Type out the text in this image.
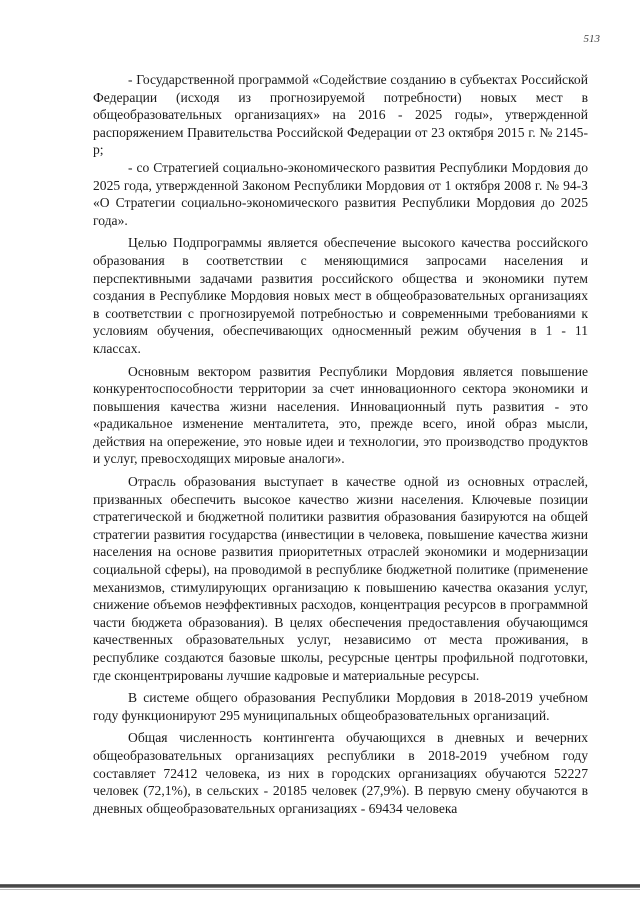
513

- Государственной программой «Содействие созданию в субъектах Российской Федерации (исходя из прогнозируемой потребности) новых мест в общеобразовательных организациях» на 2016 - 2025 годы», утвержденной распоряжением Правительства Российской Федерации от 23 октября 2015 г. № 2145-р;

- со Стратегией социально-экономического развития Республики Мордовия до 2025 года, утвержденной Законом Республики Мордовия от 1 октября 2008 г. № 94-З «О Стратегии социально-экономического развития Республики Мордовия до 2025 года».

Целью Подпрограммы является обеспечение высокого качества российского образования в соответствии с меняющимися запросами населения и перспективными задачами развития российского общества и экономики путем создания в Республике Мордовия новых мест в общеобразовательных организациях в соответствии с прогнозируемой потребностью и современными требованиями к условиям обучения, обеспечивающих односменный режим обучения в 1 - 11 классах.

Основным вектором развития Республики Мордовия является повышение конкурентоспособности территории за счет инновационного сектора экономики и повышения качества жизни населения. Инновационный путь развития - это «радикальное изменение менталитета, это, прежде всего, иной образ мысли, действия на опережение, это новые идеи и технологии, это производство продуктов и услуг, превосходящих мировые аналоги».

Отрасль образования выступает в качестве одной из основных отраслей, призванных обеспечить высокое качество жизни населения. Ключевые позиции стратегической и бюджетной политики развития образования базируются на общей стратегии развития государства (инвестиции в человека, повышение качества жизни населения на основе развития приоритетных отраслей экономики и модернизации социальной сферы), на проводимой в республике бюджетной политике (применение механизмов, стимулирующих организацию к повышению качества оказания услуг, снижение объемов неэффективных расходов, концентрация ресурсов в программной части бюджета образования). В целях обеспечения предоставления обучающимся качественных образовательных услуг, независимо от места проживания, в республике создаются базовые школы, ресурсные центры профильной подготовки, где сконцентрированы лучшие кадровые и материальные ресурсы.

В системе общего образования Республики Мордовия в 2018-2019 учебном году функционируют 295 муниципальных общеобразовательных организаций.

Общая численность контингента обучающихся в дневных и вечерних общеобразовательных организациях республики в 2018-2019 учебном году составляет 72412 человека, из них в городских организациях обучаются 52227 человек (72,1%), в сельских - 20185 человек (27,9%). В первую смену обучаются в дневных общеобразовательных организациях - 69434 человека
